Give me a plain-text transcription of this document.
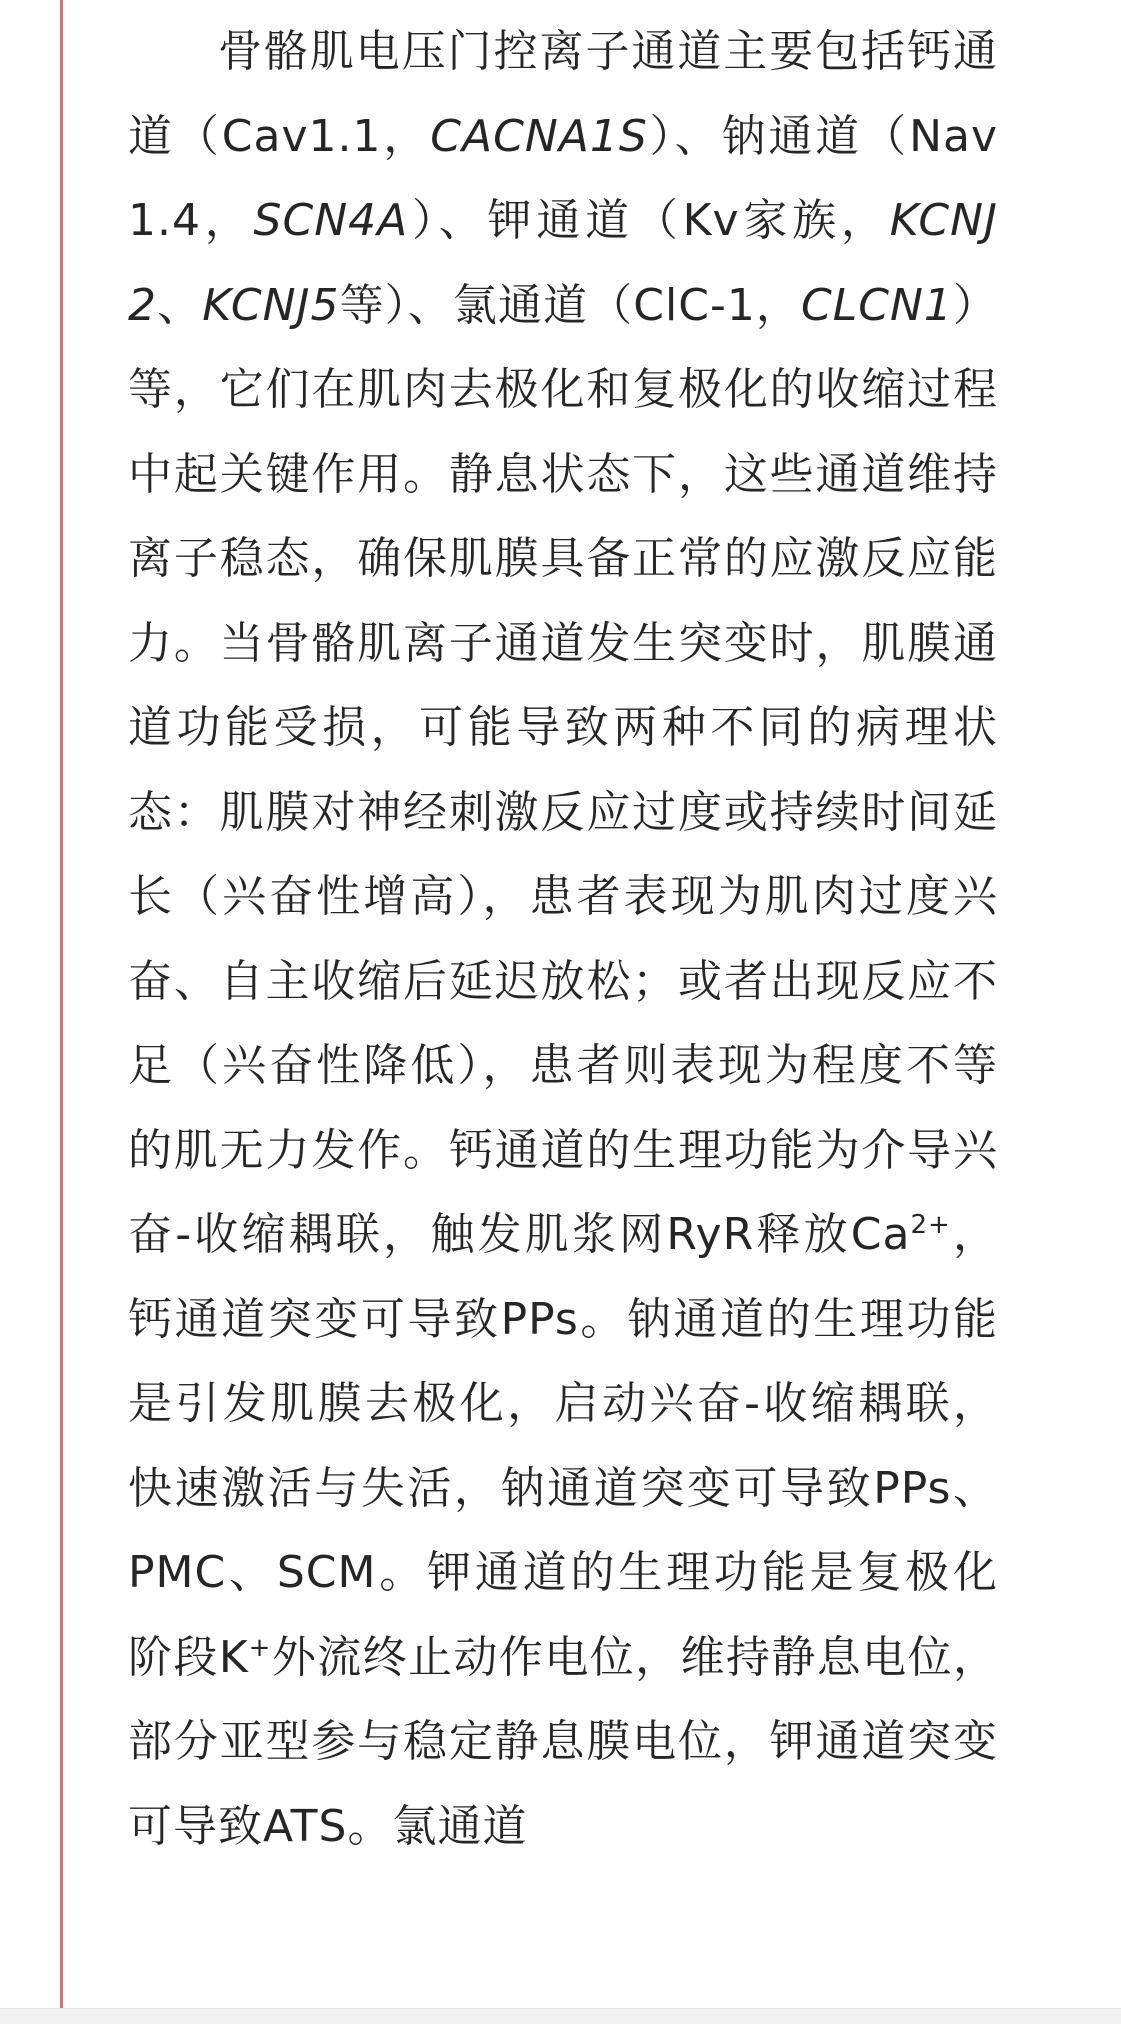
骨骼肌电压门控离子通道主要包括钙通道（Cav1.1，CACNA1S）、钠通道（Nav1.4，SCN4A）、钾通道（Kv家族，KCNJ2、KCNJ5等）、氯通道（ClC-1，CLCN1）等，它们在肌肉去极化和复极化的收缩过程中起关键作用。静息状态下，这些通道维持离子稳态，确保肌膜具备正常的应激反应能力。当骨骼肌离子通道发生突变时，肌膜通道功能受损，可能导致两种不同的病理状态：肌膜对神经刺激反应过度或持续时间延长（兴奋性增高），患者表现为肌肉过度兴奋、自主收缩后延迟放松；或者出现反应不足（兴奋性降低），患者则表现为程度不等的肌无力发作。钙通道的生理功能为介导兴奋-收缩耦联，触发肌浆网RyR释放$Ca^{2+}$，钙通道突变可导致PPs。钠通道的生理功能是引发肌膜去极化，启动兴奋-收缩耦联，快速激活与失活，钠通道突变可导致PPs、PMC、SCM。钾通道的生理功能是复极化阶段K+外流终止动作电位，维持静息电位，部分亚型参与稳定静息膜电位，钾通道突变可导致ATS。氯通道
